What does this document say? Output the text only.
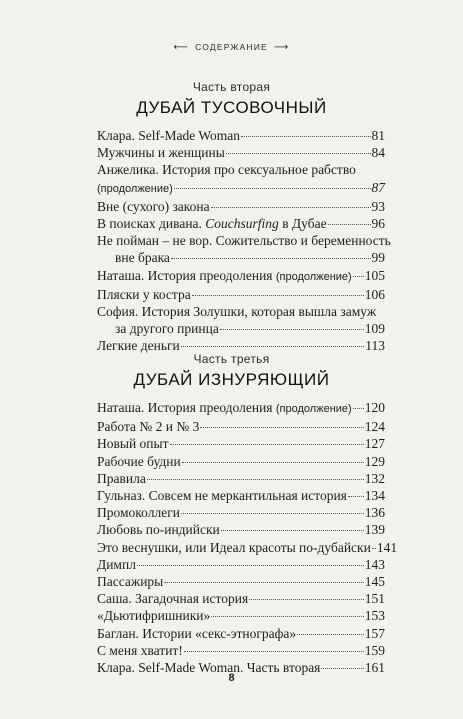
⟵ СОДЕРЖАНИЕ ⟶
Часть вторая
ДУБАЙ ТУСОВОЧНЫЙ
Клара. Self-Made Woman	81
Мужчины и женщины	84
Анжелика. История про сексуальное рабство
(продолжение)	87
Вне (сухого) закона	93
В поисках дивана. Couchsurfing в Дубае	96
Не пойман – не вор. Сожительство и беременность
вне брака	99
Наташа. История преодоления (продолжение) 105
Пляски у костра	106
София. История Золушки, которая вышла замуж
за другого принца	109
Легкие деньги	113
Часть третья
ДУБАЙ ИЗНУРЯЮЩИЙ
Наташа. История преодоления (продолжение) 120
Работа № 2 и № 3	124
Новый опыт	127
Рабочие будни	129
Правила	132
Гульназ. Совсем не меркантильная история 134
Промоколлеги	136
Любовь по-индийски	139
Это веснушки, или Идеал красоты по-дубайски 141
Димпл	143
Пассажиры	145
Саша. Загадочная история	151
«Дьютифришники»	153
Баглан. Истории «секс-этнографа»	157
С меня хватит!	159
Клара. Self-Made Woman. Часть вторая	161
8
